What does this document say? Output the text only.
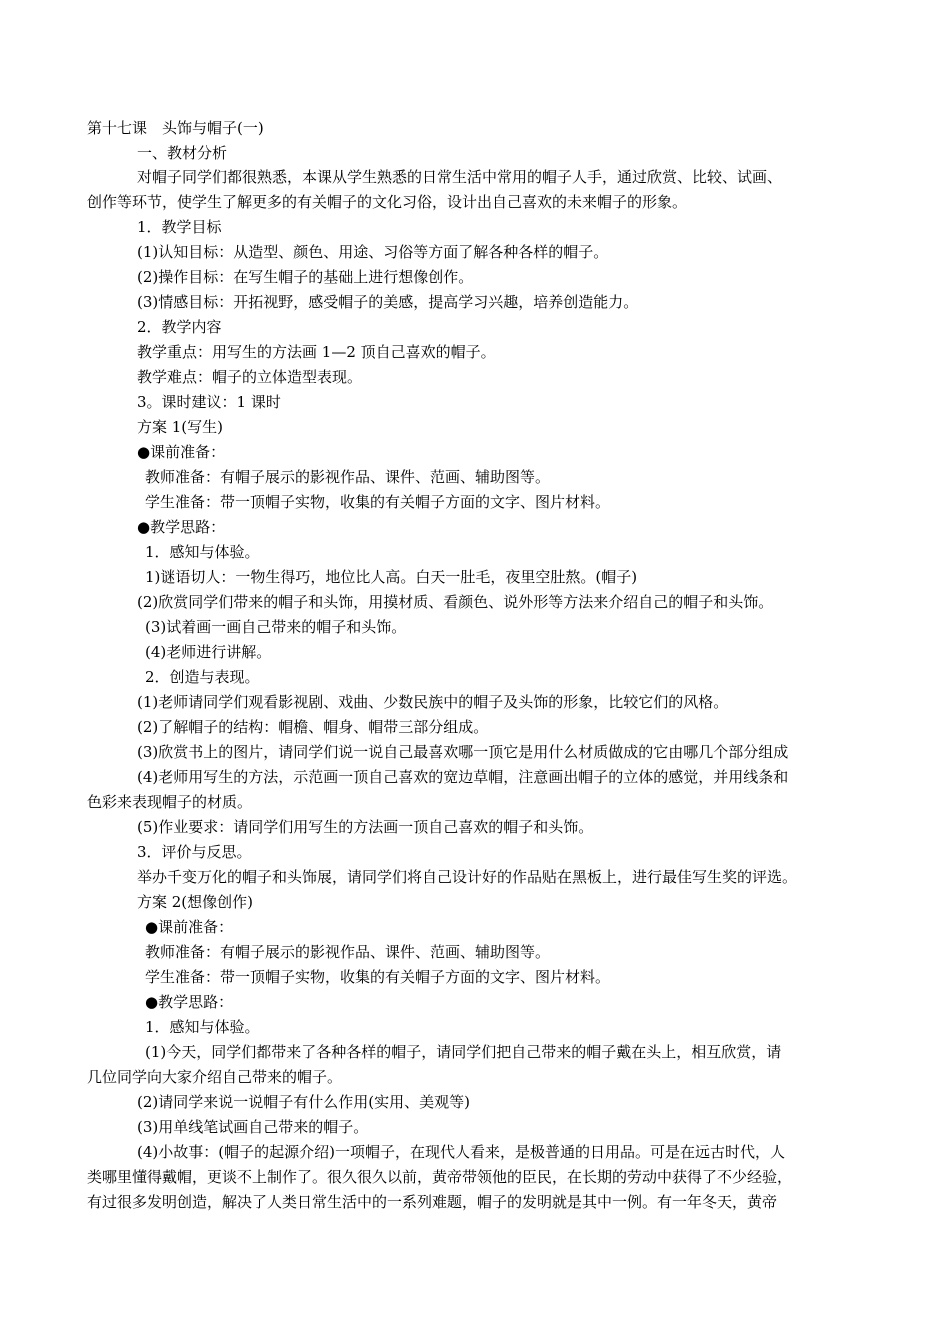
第十七课　头饰与帽子(一)
一、教材分析
对帽子同学们都很熟悉，本课从学生熟悉的日常生活中常用的帽子人手，通过欣赏、比较、试画、
创作等环节，使学生了解更多的有关帽子的文化习俗，设计出自己喜欢的未来帽子的形象。
1．教学目标
(1)认知目标：从造型、颜色、用途、习俗等方面了解各种各样的帽子。
(2)操作目标：在写生帽子的基础上进行想像创作。
(3)情感目标：开拓视野，感受帽子的美感，提高学习兴趣，培养创造能力。
2．教学内容
教学重点：用写生的方法画 1—2 顶自己喜欢的帽子。
教学难点：帽子的立体造型表现。
3。课时建议：1 课时
方案 1(写生)
●课前准备：
教师准备：有帽子展示的影视作品、课件、范画、辅助图等。
学生准备：带一顶帽子实物，收集的有关帽子方面的文字、图片材料。
●教学思路：
1．感知与体验。
1)谜语切人：一物生得巧，地位比人高。白天一肚毛，夜里空肚熬。(帽子)
(2)欣赏同学们带来的帽子和头饰，用摸材质、看颜色、说外形等方法来介绍自己的帽子和头饰。
(3)试着画一画自己带来的帽子和头饰。
(4)老师进行讲解。
2．创造与表现。
(1)老师请同学们观看影视剧、戏曲、少数民族中的帽子及头饰的形象，比较它们的风格。
(2)了解帽子的结构：帽檐、帽身、帽带三部分组成。
(3)欣赏书上的图片，请同学们说一说自己最喜欢哪一顶它是用什么材质做成的它由哪几个部分组成
(4)老师用写生的方法，示范画一顶自己喜欢的宽边草帽，注意画出帽子的立体的感觉，并用线条和
色彩来表现帽子的材质。
(5)作业要求：请同学们用写生的方法画一顶自己喜欢的帽子和头饰。
3．评价与反思。
举办千变万化的帽子和头饰展，请同学们将自己设计好的作品贴在黑板上，进行最佳写生奖的评选。
方案 2(想像创作)
●课前准备：
教师准备：有帽子展示的影视作品、课件、范画、辅助图等。
学生准备：带一顶帽子实物，收集的有关帽子方面的文字、图片材料。
●教学思路：
1．感知与体验。
(1)今天，同学们都带来了各种各样的帽子，请同学们把自己带来的帽子戴在头上，相互欣赏，请
几位同学向大家介绍自己带来的帽子。
(2)请同学来说一说帽子有什么作用(实用、美观等)
(3)用单线笔试画自己带来的帽子。
(4)小故事：(帽子的起源介绍)一项帽子，在现代人看来，是极普通的日用品。可是在远古时代，人
类哪里懂得戴帽，更谈不上制作了。很久很久以前，黄帝带领他的臣民，在长期的劳动中获得了不少经验，
有过很多发明创造，解决了人类日常生活中的一系列难题，帽子的发明就是其中一例。有一年冬天，黄帝
